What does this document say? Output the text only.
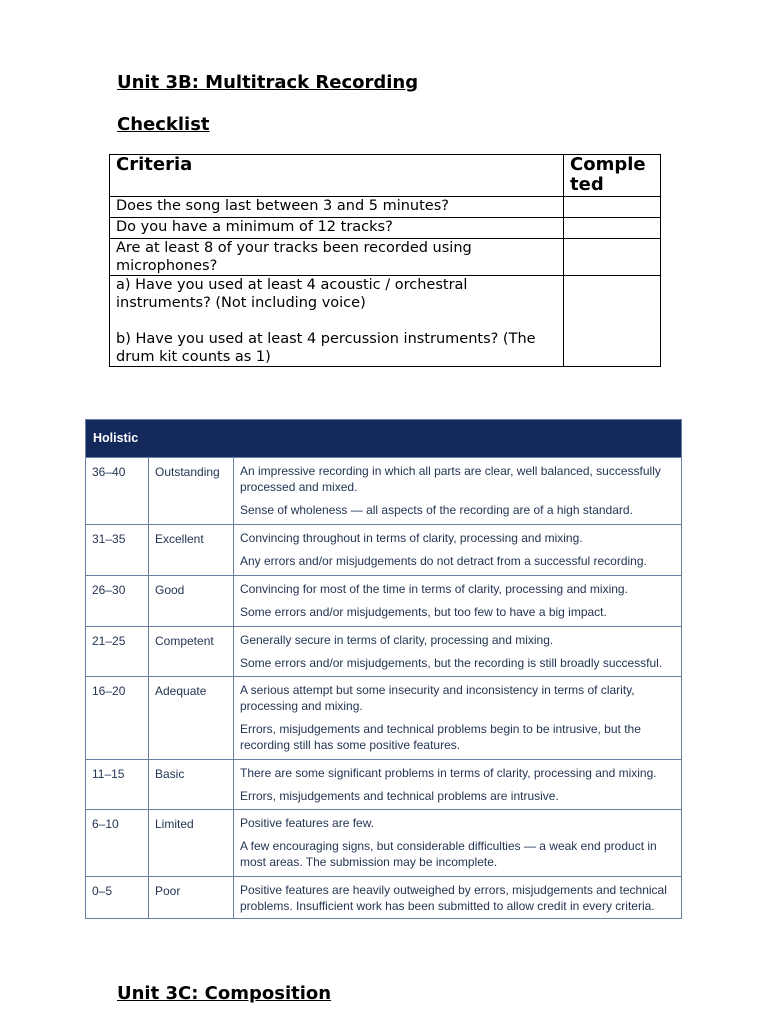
Unit 3B: Multitrack Recording
Checklist
Criteria	Completed

Does the song last between 3 and 5 minutes?	
Do you have a minimum of 12 tracks?	
Are at least 8 of your tracks been recorded using microphones?	

a) Have you used at least 4 acoustic / orchestral instruments? (Not including voice)
b) Have you used at least 4 percussion instruments? (The drum kit counts as 1)	

Holistic
36–40 Outstanding An impressive recording in which all parts are clear, well balanced, successfully processed and mixed.

Sense of wholeness — all aspects of the recording are of a high standard.

31–35 Excellent	Convincing throughout in terms of clarity, processing and mixing.

Any errors and/or misjudgements do not detract from a successful recording.

26–30 Good	Convincing for most of the time in terms of clarity, processing and mixing.

Some errors and/or misjudgements, but too few to have a big impact.

21–25 Competent Generally secure in terms of clarity, processing and mixing.

Some errors and/or misjudgements, but the recording is still broadly successful.

16–20 Adequate	A serious attempt but some insecurity and inconsistency in terms of clarity, processing and mixing.

Errors, misjudgements and technical problems begin to be intrusive, but the recording still has some positive features.

11–15	Basic	There are some significant problems in terms of clarity, processing and mixing.

Errors, misjudgements and technical problems are intrusive.

6–10	Limited	Positive features are few.

A few encouraging signs, but considerable difficulties — a weak end product in most areas. The submission may be incomplete.

0–5	Poor	Positive features are heavily outweighed by errors, misjudgements and technical problems. Insufficient work has been submitted to allow credit in every criteria.

Unit 3C: Composition
